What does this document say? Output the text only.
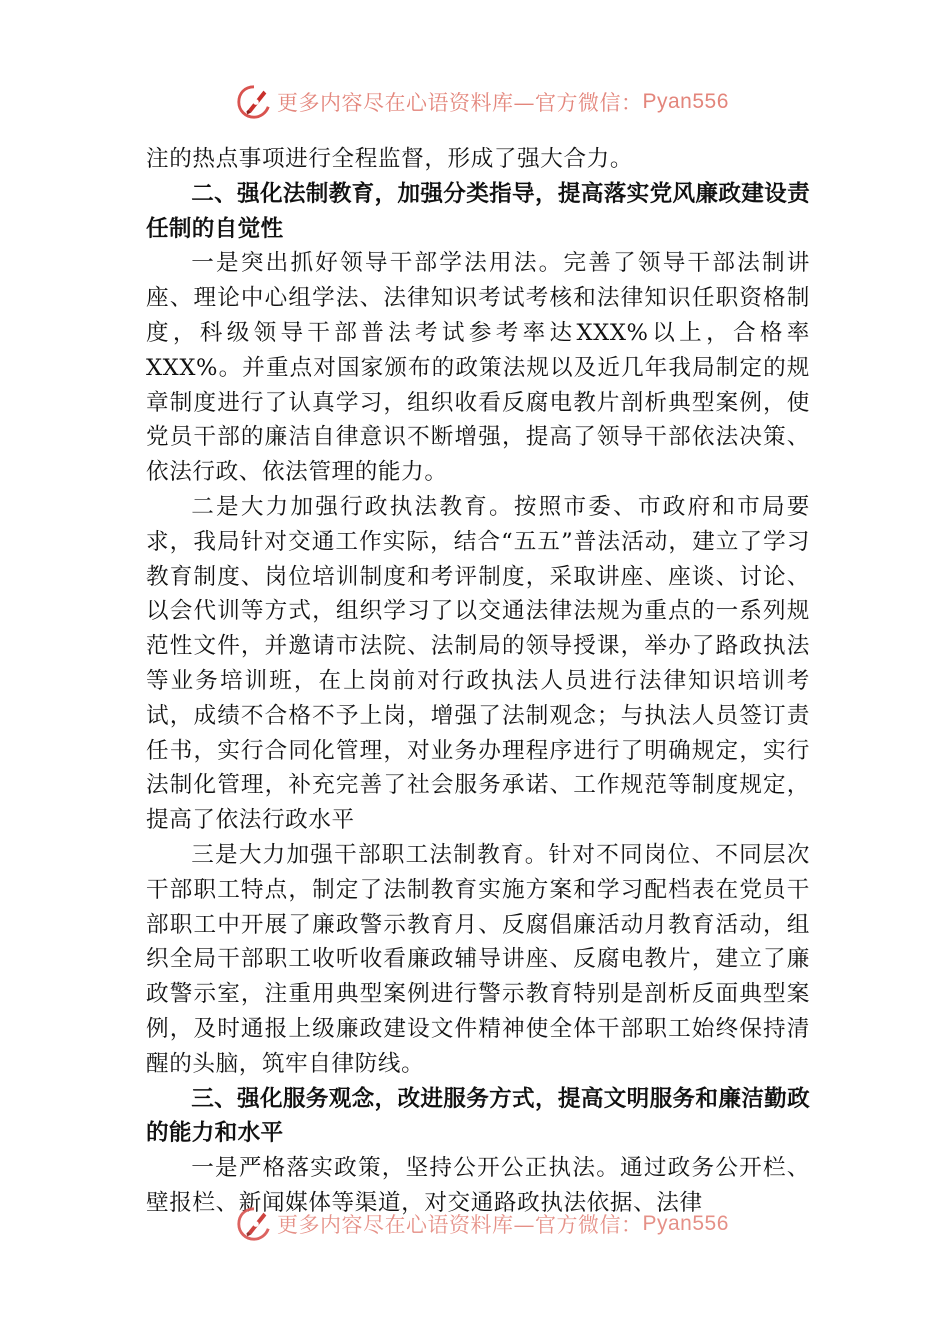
更多内容尽在心语资料库—官方微信： Pyan556

注的热点事项进行全程监督，形成了强大合力。

二、强化法制教育，加强分类指导，提高落实党风廉政建设责任制的自觉性

一是突出抓好领导干部学法用法。完善了领导干部法制讲座、理论中心组学法、法律知识考试考核和法律知识任职资格制度，科级领导干部普法考试参考率达XXX%以上，合格率XXX%。并重点对国家颁布的政策法规以及近几年我局制定的规章制度进行了认真学习，组织收看反腐电教片剖析典型案例，使党员干部的廉洁自律意识不断增强，提高了领导干部依法决策、依法行政、依法管理的能力。

二是大力加强行政执法教育。按照市委、市政府和市局要求，我局针对交通工作实际，结合“五五”普法活动，建立了学习教育制度、岗位培训制度和考评制度，采取讲座、座谈、讨论、以会代训等方式，组织学习了以交通法律法规为重点的一系列规范性文件，并邀请市法院、法制局的领导授课，举办了路政执法等业务培训班，在上岗前对行政执法人员进行法律知识培训考试，成绩不合格不予上岗，增强了法制观念；与执法人员签订责任书，实行合同化管理，对业务办理程序进行了明确规定，实行法制化管理，补充完善了社会服务承诺、工作规范等制度规定，提高了依法行政水平

三是大力加强干部职工法制教育。针对不同岗位、不同层次干部职工特点，制定了法制教育实施方案和学习配档表在党员干部职工中开展了廉政警示教育月、反腐倡廉活动月教育活动，组织全局干部职工收听收看廉政辅导讲座、反腐电教片，建立了廉政警示室，注重用典型案例进行警示教育特别是剖析反面典型案例，及时通报上级廉政建设文件精神使全体干部职工始终保持清醒的头脑，筑牢自律防线。

三、强化服务观念，改进服务方式，提高文明服务和廉洁勤政的能力和水平

一是严格落实政策，坚持公开公正执法。通过政务公开栏、壁报栏、新闻媒体等渠道，对交通路政执法依据、法律

更多内容尽在心语资料库—官方微信： Pyan556
